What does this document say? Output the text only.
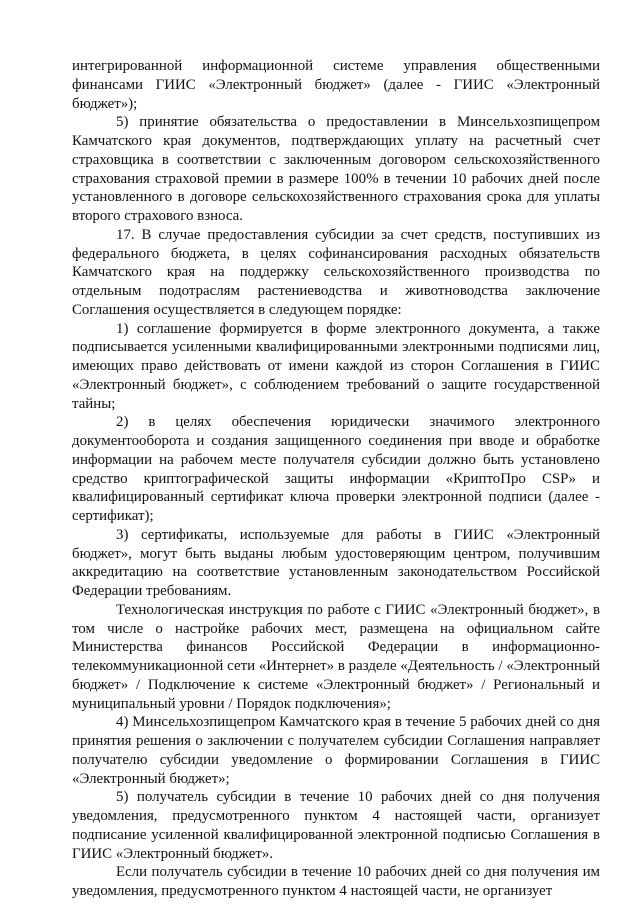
интегрированной информационной системе управления общественными финансами ГИИС «Электронный бюджет» (далее - ГИИС «Электронный бюджет»);

5) принятие обязательства о предоставлении в Минсельхозпищепром Камчатского края документов, подтверждающих уплату на расчетный счет страховщика в соответствии с заключенным договором сельскохозяйственного страхования страховой премии в размере 100% в течении 10 рабочих дней после установленного в договоре сельскохозяйственного страхования срока для уплаты второго страхового взноса.

17. В случае предоставления субсидии за счет средств, поступивших из федерального бюджета, в целях софинансирования расходных обязательств Камчатского края на поддержку сельскохозяйственного производства по отдельным подотраслям растениеводства и животноводства заключение Соглашения осуществляется в следующем порядке:

1) соглашение формируется в форме электронного документа, а также подписывается усиленными квалифицированными электронными подписями лиц, имеющих право действовать от имени каждой из сторон Соглашения в ГИИС «Электронный бюджет», с соблюдением требований о защите государственной тайны;

2) в целях обеспечения юридически значимого электронного документооборота и создания защищенного соединения при вводе и обработке информации на рабочем месте получателя субсидии должно быть установлено средство криптографической защиты информации «КриптоПро CSP» и квалифицированный сертификат ключа проверки электронной подписи (далее - сертификат);

3) сертификаты, используемые для работы в ГИИС «Электронный бюджет», могут быть выданы любым удостоверяющим центром, получившим аккредитацию на соответствие установленным законодательством Российской Федерации требованиям.

Технологическая инструкция по работе с ГИИС «Электронный бюджет», в том числе о настройке рабочих мест, размещена на официальном сайте Министерства финансов Российской Федерации в информационно-телекоммуникационной сети «Интернет» в разделе «Деятельность / «Электронный бюджет» / Подключение к системе «Электронный бюджет» / Региональный и муниципальный уровни / Порядок подключения»;

4) Минсельхозпищепром Камчатского края в течение 5 рабочих дней со дня принятия решения о заключении с получателем субсидии Соглашения направляет получателю субсидии уведомление о формировании Соглашения в ГИИС «Электронный бюджет»;

5) получатель субсидии в течение 10 рабочих дней со дня получения уведомления, предусмотренного пунктом 4 настоящей части, организует подписание усиленной квалифицированной электронной подписью Соглашения в ГИИС «Электронный бюджет».

Если получатель субсидии в течение 10 рабочих дней со дня получения им уведомления, предусмотренного пунктом 4 настоящей части, не организует
